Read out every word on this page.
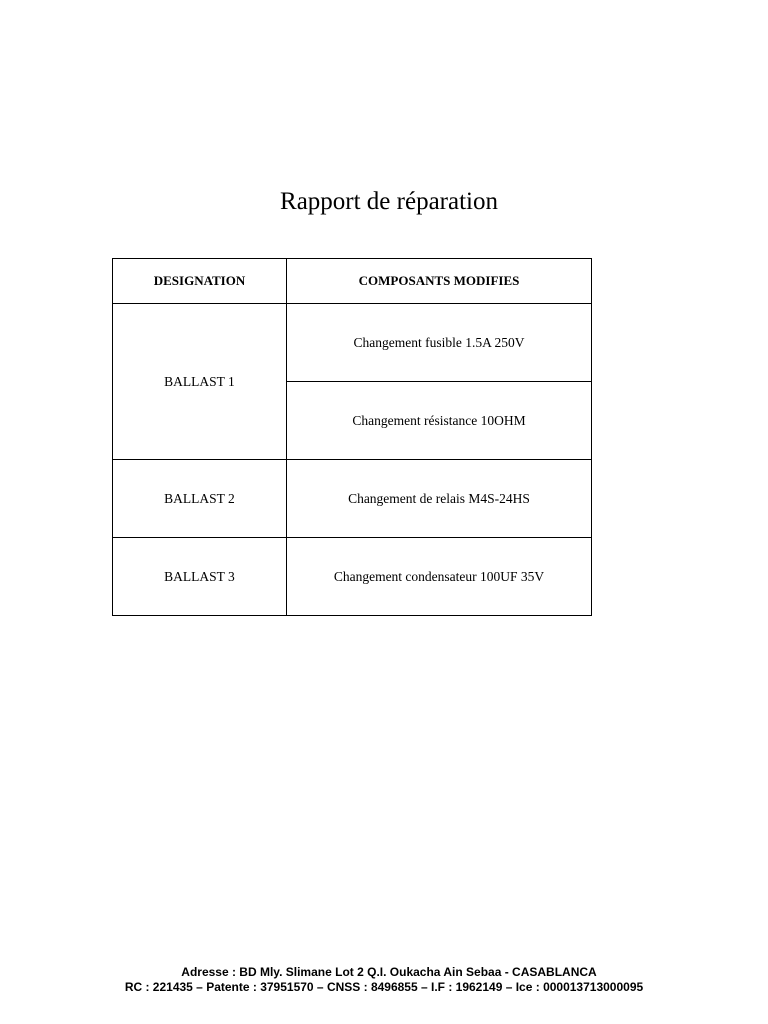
Rapport de réparation
DESIGNATION	COMPOSANTS MODIFIES
BALLAST 1	Changement fusible 1.5A 250V
	Changement résistance 10OHM
BALLAST 2	Changement de relais M4S-24HS
BALLAST 3	Changement condensateur 100UF 35V
Adresse : BD Mly. Slimane Lot 2 Q.I. Oukacha Ain Sebaa - CASABLANCA
RC : 221435 – Patente : 37951570 – CNSS : 8496855 – I.F : 1962149 – Ice : 000013713000095
